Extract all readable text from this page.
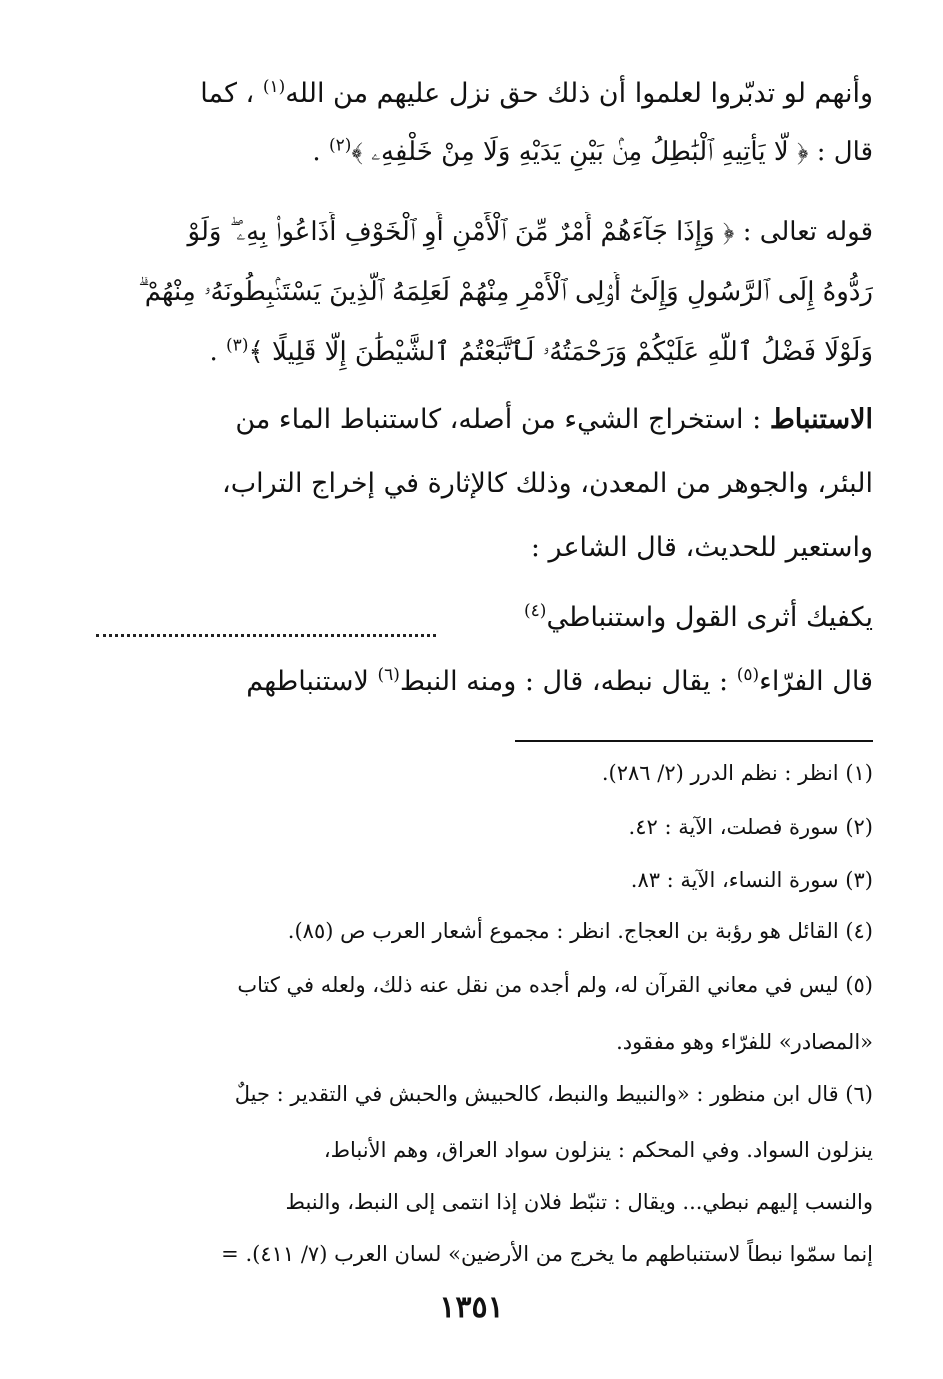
وأنهم لو تدبّروا لعلموا أن ذلك حق نزل عليهم من الله$^{(١)}$ ، كما
قال : ﴿ لَّا يَأْتِيهِ ٱلْبَٰطِلُ مِنۢ بَيْنِ يَدَيْهِ وَلَا مِنْ خَلْفِهِۦ ﴾$^{(٢)}$ .
قوله تعالى : ﴿ وَإِذَا جَآءَهُمْ أَمْرٌ مِّنَ ٱلْأَمْنِ أَوِ ٱلْخَوْفِ أَذَاعُوا۟ بِهِۦ ۖ وَلَوْ
رَدُّوهُ إِلَى ٱلرَّسُولِ وَإِلَىٰٓ أُو۟لِى ٱلْأَمْرِ مِنْهُمْ لَعَلِمَهُ ٱلَّذِينَ يَسْتَنۢبِطُونَهُۥ مِنْهُمْ ۗ
وَلَوْلَا فَضْلُ ٱللَّهِ عَلَيْكُمْ وَرَحْمَتُهُۥ لَٱتَّبَعْتُمُ ٱلشَّيْطَٰنَ إِلَّا قَلِيلًا ﴾$^{(٣)}$ .
الاستنباط : استخراج الشيء من أصله، كاستنباط الماء من
البئر، والجوهر من المعدن، وذلك كالإثارة في إخراج التراب،
واستعير للحديث، قال الشاعر :
يكفيك أثرى القول واستنباطي$^{(٤)}$
قال الفرّاء$^{(٥)}$ : يقال نبطه، قال : ومنه النبط$^{(٦)}$ لاستنباطهم
(١) انظر : نظم الدرر (٢/ ٢٨٦).
(٢) سورة فصلت، الآية : ٤٢.
(٣) سورة النساء، الآية : ٨٣.
(٤) القائل هو رؤبة بن العجاج. انظر : مجموع أشعار العرب ص (٨٥).
(٥) ليس في معاني القرآن له، ولم أجده من نقل عنه ذلك، ولعله في كتاب
«المصادر» للفرّاء وهو مفقود.
(٦) قال ابن منظور : «والنبيط والنبط، كالحبيش والحبش في التقدير : جيلٌ
ينزلون السواد. وفي المحكم : ينزلون سواد العراق، وهم الأنباط،
والنسب إليهم نبطي... ويقال : تنبّط فلان إذا انتمى إلى النبط، والنبط
إنما سمّوا نبطاً لاستنباطهم ما يخرج من الأرضين» لسان العرب (٧/ ٤١١). =
١٣٥١
